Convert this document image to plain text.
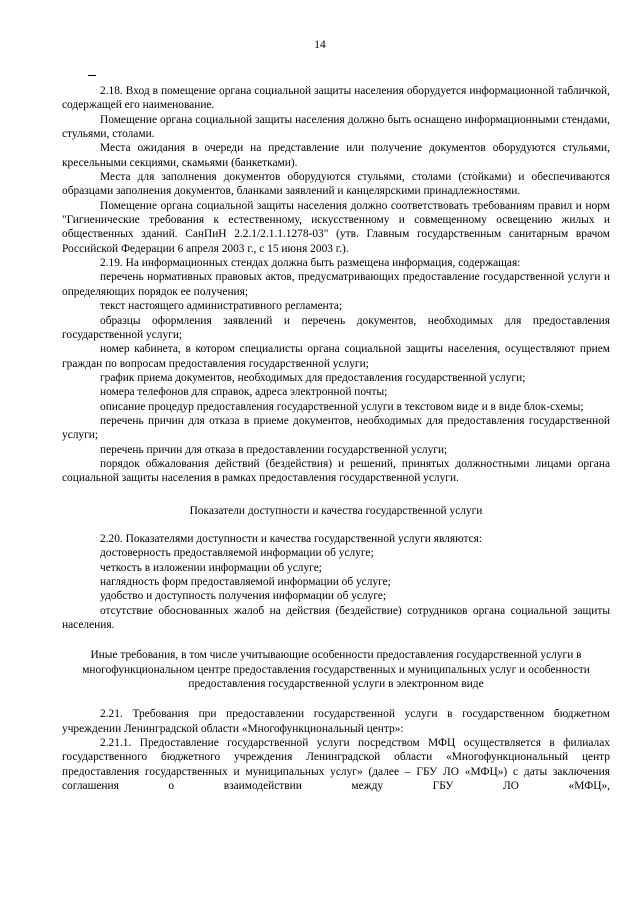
14

2.18. Вход в помещение органа социальной защиты населения оборудуется информационной табличкой, содержащей его наименование.

Помещение органа социальной защиты населения должно быть оснащено информационными стендами, стульями, столами.

Места ожидания в очереди на представление или получение документов оборудуются стульями, кресельными секциями, скамьями (банкетками).

Места для заполнения документов оборудуются стульями, столами (стойками) и обеспечиваются образцами заполнения документов, бланками заявлений и канцелярскими принадлежностями.

Помещение органа социальной защиты населения должно соответствовать требованиям правил и норм "Гигиенические требования к естественному, искусственному и совмещенному освещению жилых и общественных зданий. СанПиН 2.2.1/2.1.1.1278-03" (утв. Главным государственным санитарным врачом Российской Федерации 6 апреля 2003 г., с 15 июня 2003 г.).

2.19. На информационных стендах должна быть размещена информация, содержащая:

перечень нормативных правовых актов, предусматривающих предоставление государственной услуги и определяющих порядок ее получения;

текст настоящего административного регламента;

образцы оформления заявлений и перечень документов, необходимых для предоставления государственной услуги;

номер кабинета, в котором специалисты органа социальной защиты населения, осуществляют прием граждан по вопросам предоставления государственной услуги;

график приема документов, необходимых для предоставления государственной услуги;

номера телефонов для справок, адреса электронной почты;

описание процедур предоставления государственной услуги в текстовом виде и в виде блок-схемы;

перечень причин для отказа в приеме документов, необходимых для предоставления государственной услуги;

перечень причин для отказа в предоставлении государственной услуги;

порядок обжалования действий (бездействия) и решений, принятых должностными лицами органа социальной защиты населения в рамках предоставления государственной услуги.

Показатели доступности и качества государственной услуги

2.20. Показателями доступности и качества государственной услуги являются:

достоверность предоставляемой информации об услуге;

четкость в изложении информации об услуге;

наглядность форм предоставляемой информации об услуге;

удобство и доступность получения информации об услуге;

отсутствие обоснованных жалоб на действия (бездействие) сотрудников органа социальной защиты населения.

Иные требования, в том числе учитывающие особенности предоставления государственной услуги в многофункциональном центре предоставления государственных и муниципальных услуг и особенности предоставления государственной услуги в электронном виде

2.21. Требования при предоставлении государственной услуги в государственном бюджетном учреждении Ленинградской области «Многофункциональный центр»:

2.21.1. Предоставление государственной услуги посредством МФЦ осуществляется в филиалах государственного бюджетного учреждения Ленинградской области «Многофункциональный центр предоставления государственных и муниципальных услуг» (далее – ГБУ ЛО «МФЦ») с даты заключения соглашения о взаимодействии между ГБУ ЛО «МФЦ»,
